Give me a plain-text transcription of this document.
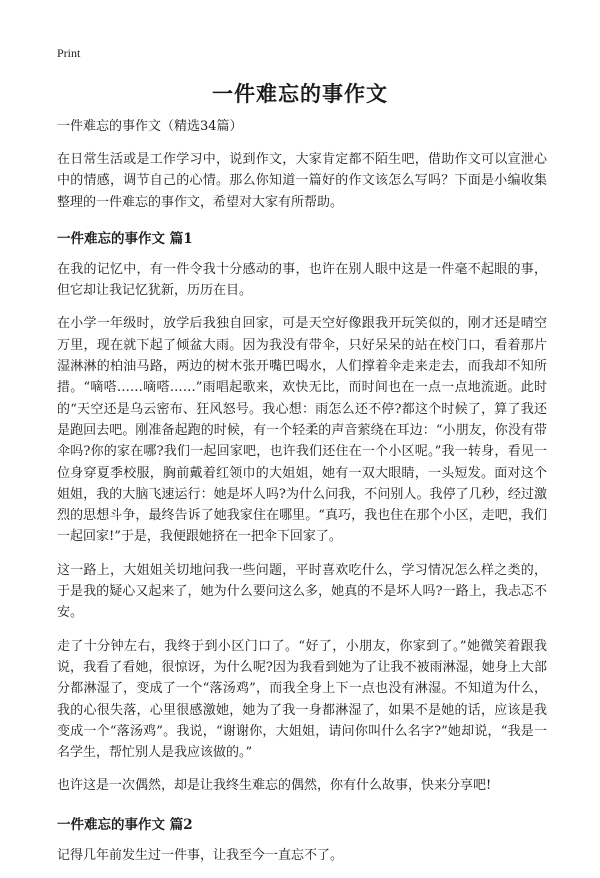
Print
一件难忘的事作文
一件难忘的事作文（精选34篇）

在日常生活或是工作学习中，说到作文，大家肯定都不陌生吧，借助作文可以宣泄心中的情感，调节自己的心情。那么你知道一篇好的作文该怎么写吗？下面是小编收集整理的一件难忘的事作文，希望对大家有所帮助。

一件难忘的事作文 篇1

在我的记忆中，有一件令我十分感动的事，也许在别人眼中这是一件毫不起眼的事，但它却让我记忆犹新，历历在目。

在小学一年级时，放学后我独自回家，可是天空好像跟我开玩笑似的，刚才还是晴空万里，现在就下起了倾盆大雨。因为我没有带伞，只好呆呆的站在校门口，看着那片湿淋淋的柏油马路，两边的树木张开嘴巴喝水，人们撑着伞走来走去，而我却不知所措。“嘀嗒……嘀嗒……”雨唱起歌来，欢快无比，而时间也在一点一点地流逝。此时的“天空还是乌云密布、狂风怒号。我心想：雨怎么还不停?都这个时候了，算了我还是跑回去吧。刚准备起跑的时候，有一个轻柔的声音萦绕在耳边：“小朋友，你没有带伞吗?你的家在哪?我们一起回家吧，也许我们还住在一个小区呢。”我一转身，看见一位身穿夏季校服，胸前戴着红领巾的大姐姐，她有一双大眼睛，一头短发。面对这个姐姐，我的大脑飞速运行：她是坏人吗?为什么问我，不问别人。我停了几秒，经过激烈的思想斗争，最终告诉了她我家住在哪里。“真巧，我也住在那个小区，走吧，我们一起回家!”于是，我便跟她挤在一把伞下回家了。

这一路上，大姐姐关切地问我一些问题，平时喜欢吃什么，学习情况怎么样之类的，于是我的疑心又起来了，她为什么要问这么多，她真的不是坏人吗?一路上，我忐忑不安。

走了十分钟左右，我终于到小区门口了。“好了，小朋友，你家到了。”她微笑着跟我说，我看了看她，很惊讶，为什么呢?因为我看到她为了让我不被雨淋湿，她身上大部分都淋湿了，变成了一个“落汤鸡”，而我全身上下一点也没有淋湿。不知道为什么，我的心很失落，心里很感激她，她为了我一身都淋湿了，如果不是她的话，应该是我变成一个“落汤鸡”。我说，“谢谢你，大姐姐，请问你叫什么名字?”她却说，“我是一名学生，帮忙别人是我应该做的。”

也许这是一次偶然，却是让我终生难忘的偶然，你有什么故事，快来分享吧!

一件难忘的事作文 篇2

记得几年前发生过一件事，让我至今一直忘不了。
